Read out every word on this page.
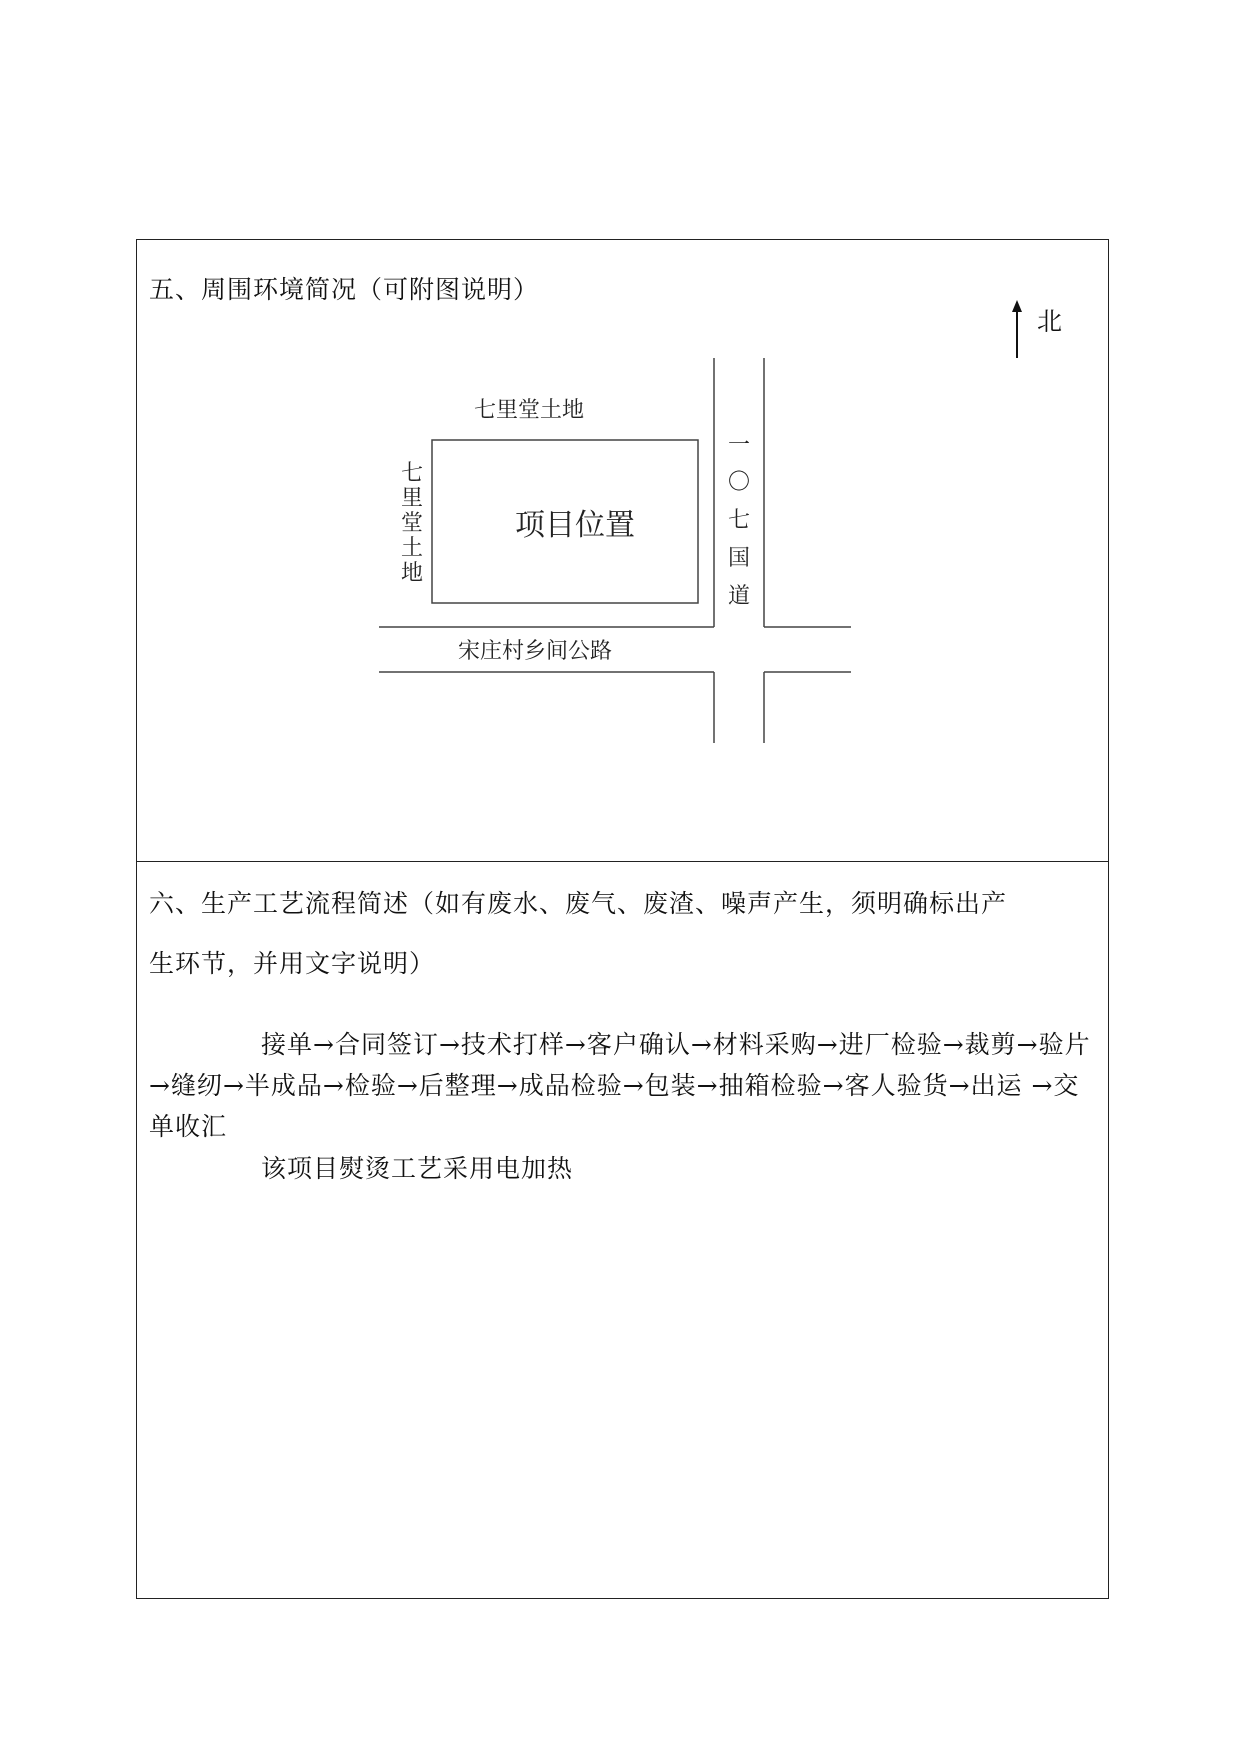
五、周围环境简况（可附图说明）
北
七里堂土地
七
里
堂
土
地
项目位置
一
〇
七
国
道
宋庄村乡间公路
六、生产工艺流程简述（如有废水、废气、废渣、噪声产生，须明确标出产
生环节，并用文字说明）
接单→合同签订→技术打样→客户确认→材料采购→进厂检验→裁剪→验片→缝纫→半成品→检验→后整理→成品检验→包装→抽箱检验→客人验货→出运 →交单收汇
该项目熨烫工艺采用电加热
